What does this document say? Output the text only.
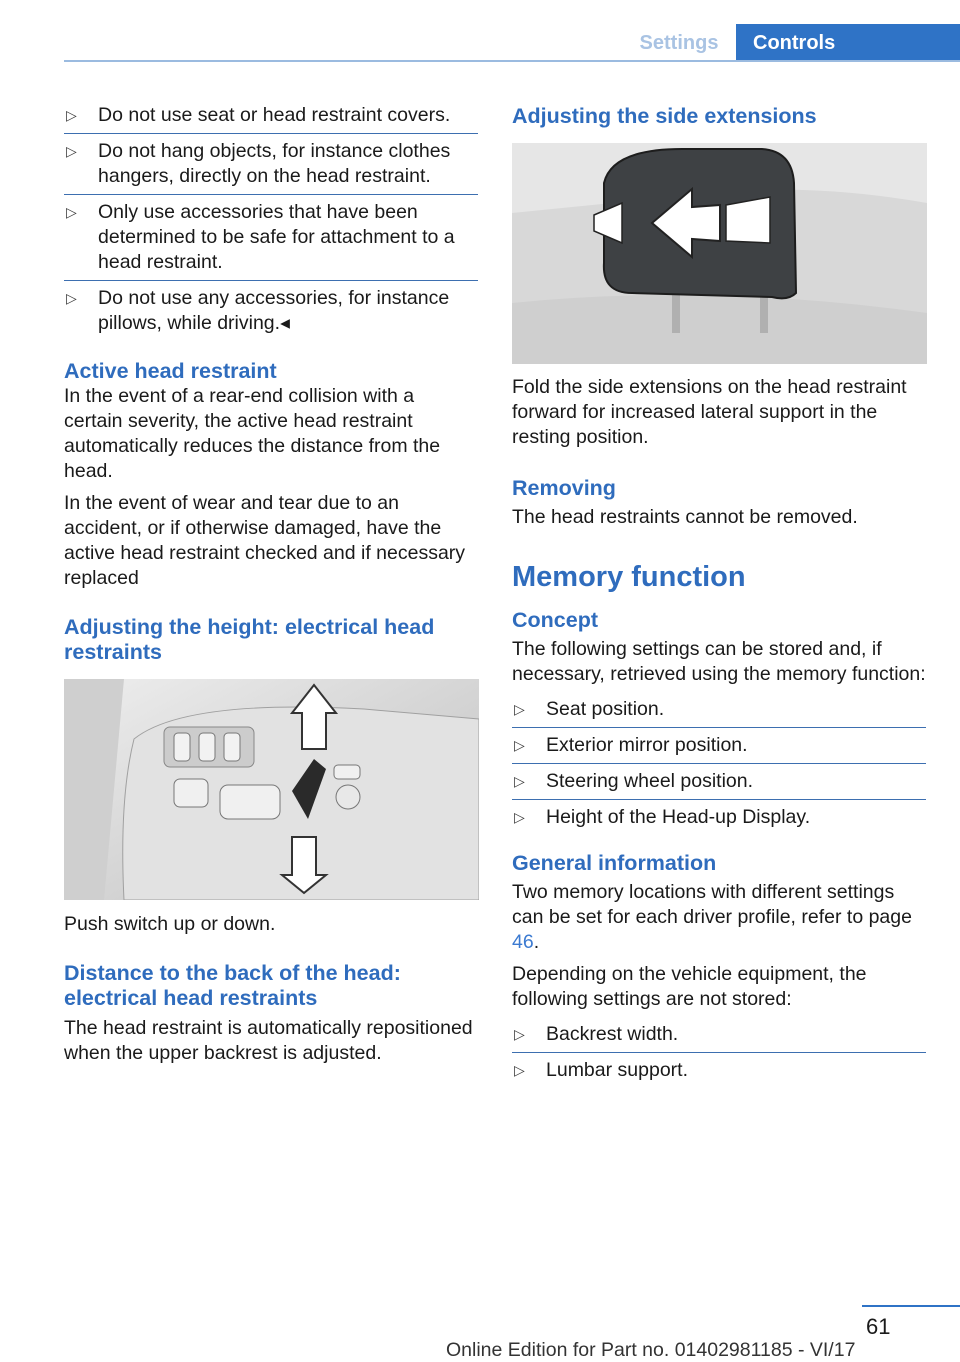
Settings	Controls
▷ Do not use seat or head restraint covers.
▷ Do not hang objects, for instance clothes hangers, directly on the head restraint.
▷ Only use accessories that have been determined to be safe for attachment to a head restraint.
▷ Do not use any accessories, for instance pillows, while driving.◂
Active head restraint

In the event of a rear-end collision with a certain severity, the active head restraint automatically reduces the distance from the head.

In the event of wear and tear due to an accident, or if otherwise damaged, have the active head restraint checked and if necessary replaced

Adjusting the height: electrical head restraints

Push switch up or down.

Distance to the back of the head: electrical head restraints

The head restraint is automatically repositioned when the upper backrest is adjusted.

Adjusting the side extensions

Fold the side extensions on the head restraint forward for increased lateral support in the resting position.

Removing

The head restraints cannot be removed.

Memory function
Concept

The following settings can be stored and, if necessary, retrieved using the memory function:

▷ Seat position.
▷ Exterior mirror position.
▷ Steering wheel position.
▷ Height of the Head-up Display.
General information

Two memory locations with different settings can be set for each driver profile, refer to page 46.

Depending on the vehicle equipment, the following settings are not stored:

▷ Backrest width.
▷ Lumbar support.
61
Online Edition for Part no. 01402981185 - VI/17
